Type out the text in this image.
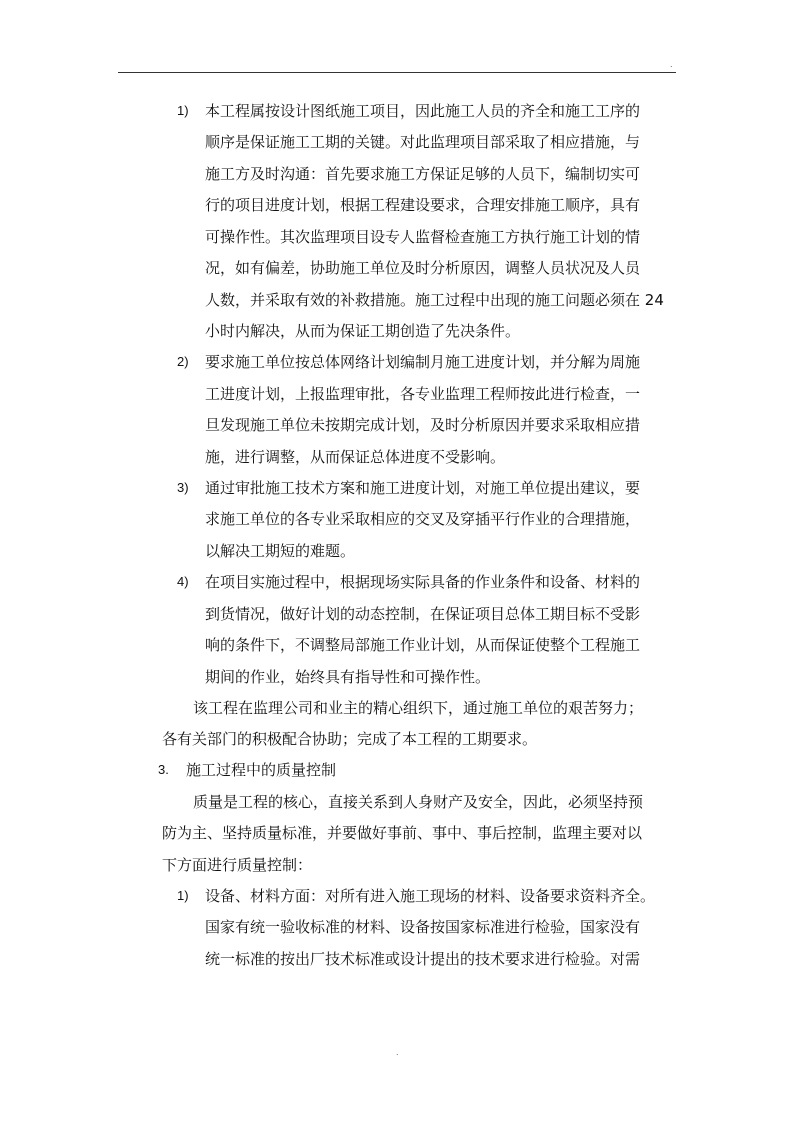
.
1) 本工程属按设计图纸施工项目，因此施工人员的齐全和施工工序的
顺序是保证施工工期的关键。对此监理项目部采取了相应措施，与
施工方及时沟通：首先要求施工方保证足够的人员下，编制切实可
行的项目进度计划，根据工程建设要求，合理安排施工顺序，具有
可操作性。其次监理项目设专人监督检查施工方执行施工计划的情
况，如有偏差，协助施工单位及时分析原因，调整人员状况及人员
人数，并采取有效的补救措施。施工过程中出现的施工问题必须在 24
小时内解决，从而为保证工期创造了先决条件。
2) 要求施工单位按总体网络计划编制月施工进度计划，并分解为周施
工进度计划，上报监理审批，各专业监理工程师按此进行检查，一
旦发现施工单位未按期完成计划，及时分析原因并要求采取相应措
施，进行调整，从而保证总体进度不受影响。
3) 通过审批施工技术方案和施工进度计划，对施工单位提出建议，要
求施工单位的各专业采取相应的交叉及穿插平行作业的合理措施，
以解决工期短的难题。
4) 在项目实施过程中，根据现场实际具备的作业条件和设备、材料的
到货情况，做好计划的动态控制，在保证项目总体工期目标不受影
响的条件下，不调整局部施工作业计划，从而保证使整个工程施工
期间的作业，始终具有指导性和可操作性。
该工程在监理公司和业主的精心组织下，通过施工单位的艰苦努力；
各有关部门的积极配合协助；完成了本工程的工期要求。
3. 施工过程中的质量控制
质量是工程的核心，直接关系到人身财产及安全，因此，必须坚持预
防为主、坚持质量标准，并要做好事前、事中、事后控制，监理主要对以
下方面进行质量控制：
1) 设备、材料方面：对所有进入施工现场的材料、设备要求资料齐全。
国家有统一验收标准的材料、设备按国家标准进行检验，国家没有
统一标准的按出厂技术标准或设计提出的技术要求进行检验。对需
.
